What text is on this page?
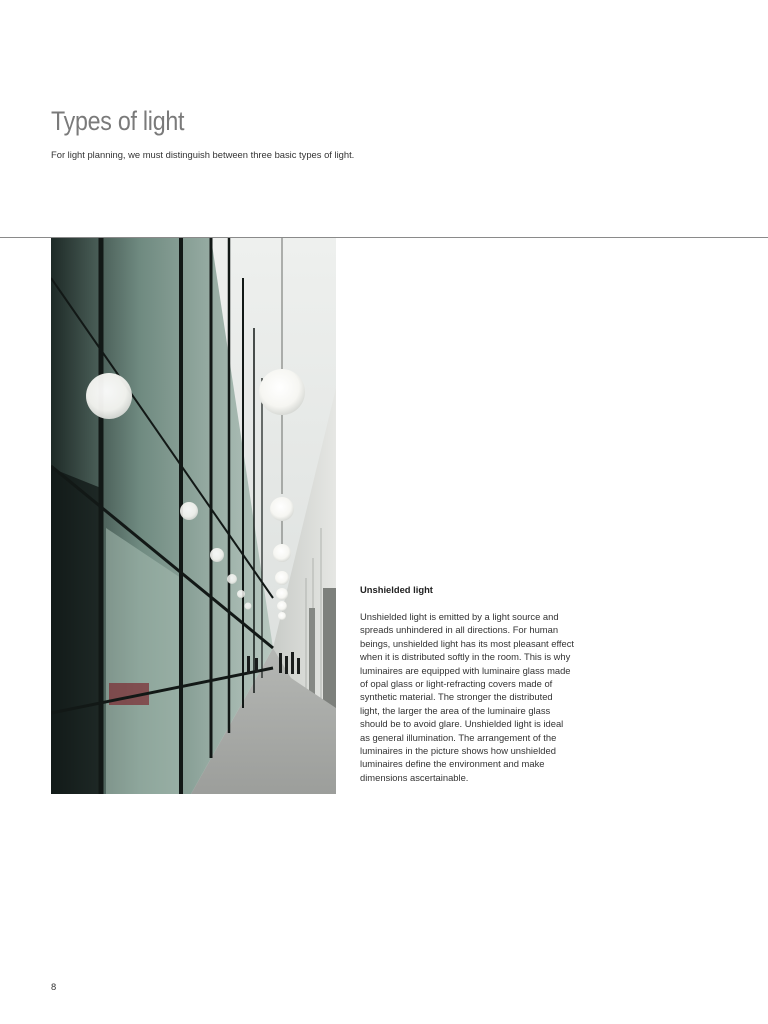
Types of light

For light planning, we must distinguish between three basic types of light.

Unshielded light

Unshielded light is emitted by a light source and spreads unhindered in all directions. For human beings, unshielded light has its most pleasant effect when it is distributed softly in the room. This is why luminaires are equipped with luminaire glass made of opal glass or light-refracting covers made of synthetic material. The stronger the distributed light, the larger the area of the luminaire glass should be to avoid glare. Unshielded light is ideal as general illumination. The arrangement of the luminaires in the picture shows how unshielded luminaires define the environment and make dimensions ascertainable.

8
